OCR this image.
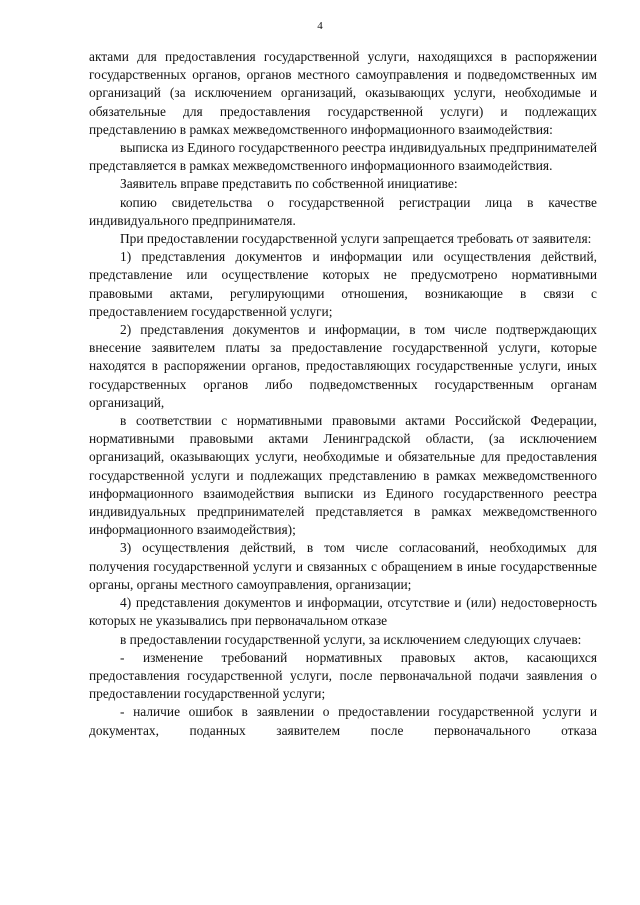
4

актами для предоставления государственной услуги, находящихся в распоряжении государственных органов, органов местного самоуправления и подведомственных им организаций (за исключением организаций, оказывающих услуги, необходимые и обязательные для предоставления государственной услуги) и подлежащих представлению в рамках межведомственного информационного взаимодействия:

выписка из Единого государственного реестра индивидуальных предпринимателей представляется в рамках межведомственного информационного взаимодействия.

Заявитель вправе представить по собственной инициативе:

копию свидетельства о государственной регистрации лица в качестве индивидуального предпринимателя.

При предоставлении государственной услуги запрещается требовать от заявителя:

1) представления документов и информации или осуществления действий, представление или осуществление которых не предусмотрено нормативными правовыми актами, регулирующими отношения, возникающие в связи с предоставлением государственной услуги;

2) представления документов и информации, в том числе подтверждающих внесение заявителем платы за предоставление государственной услуги, которые находятся в распоряжении органов, предоставляющих государственные услуги, иных государственных органов либо подведомственных государственным органам организаций,

в соответствии с нормативными правовыми актами Российской Федерации, нормативными правовыми актами Ленинградской области, (за исключением организаций, оказывающих услуги, необходимые и обязательные для предоставления государственной услуги и подлежащих представлению в рамках межведомственного информационного взаимодействия выписки из Единого государственного реестра индивидуальных предпринимателей представляется в рамках межведомственного информационного взаимодействия);

3) осуществления действий, в том числе согласований, необходимых для получения государственной услуги и связанных с обращением в иные государственные органы, органы местного самоуправления, организации;

4) представления документов и информации, отсутствие и (или) недостоверность которых не указывались при первоначальном отказе

в предоставлении государственной услуги, за исключением следующих случаев:

- изменение требований нормативных правовых актов, касающихся предоставления государственной услуги, после первоначальной подачи заявления о предоставлении государственной услуги;

- наличие ошибок в заявлении о предоставлении государственной услуги и документах, поданных заявителем после первоначального отказа
